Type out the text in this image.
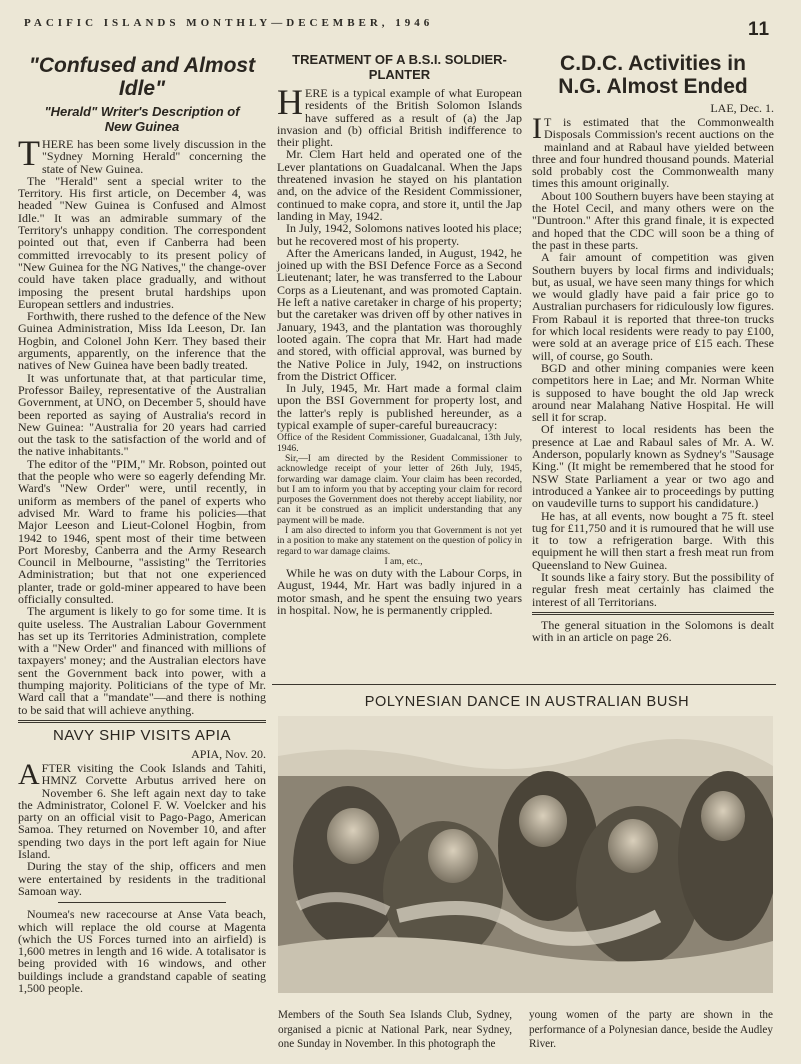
PACIFIC ISLANDS MONTHLY—DECEMBER, 1946	11
"Confused and Almost Idle"
"Herald" Writer's Description of New Guinea

THERE has been some lively discussion in the "Sydney Morning Herald" concerning the state of New Guinea.

The "Herald" sent a special writer to the Territory. His first article, on December 4, was headed "New Guinea is Confused and Almost Idle." It was an admirable summary of the Territory's unhappy condition. The correspondent pointed out that, even if Canberra had been committed irrevocably to its present policy of "New Guinea for the NG Natives," the change-over could have taken place gradually, and without imposing the present brutal hardships upon European settlers and industries.

Forthwith, there rushed to the defence of the New Guinea Administration, Miss Ida Leeson, Dr. Ian Hogbin, and Colonel John Kerr. They based their arguments, apparently, on the inference that the natives of New Guinea have been badly treated.

It was unfortunate that, at that particular time, Professor Bailey, representative of the Australian Government, at UNO, on December 5, should have been reported as saying of Australia's record in New Guinea: "Australia for 20 years had carried out the task to the satisfaction of the world and of the native inhabitants."

The editor of the "PIM," Mr. Robson, pointed out that the people who were so eagerly defending Mr. Ward's "New Order" were, until recently, in uniform as members of the panel of experts who advised Mr. Ward to frame his policies—that Major Leeson and Lieut-Colonel Hogbin, from 1942 to 1946, spent most of their time between Port Moresby, Canberra and the Army Research Council in Melbourne, "assisting" the Territories Administration; but that not one experienced planter, trade or gold-miner appeared to have been officially consulted.

The argument is likely to go for some time. It is quite useless. The Australian Labour Government has set up its Territories Administration, complete with a "New Order" and financed with millions of taxpayers' money; and the Australian electors have sent the Government back into power, with a thumping majority. Politicians of the type of Mr. Ward call that a "mandate"—and there is nothing to be said that will achieve anything.

NAVY SHIP VISITS APIA

APIA, Nov. 20.

AFTER visiting the Cook Islands and Tahiti, HMNZ Corvette Arbutus arrived here on November 6. She left again next day to take the Administrator, Colonel F. W. Voelcker and his party on an official visit to Pago-Pago, American Samoa. They returned on November 10, and after spending two days in the port left again for Niue Island.

During the stay of the ship, officers and men were entertained by residents in the traditional Samoan way.

Noumea's new racecourse at Anse Vata beach, which will replace the old course at Magenta (which the US Forces turned into an airfield) is 1,600 metres in length and 16 wide. A totalisator is being provided with 16 windows, and other buildings include a grandstand capable of seating 1,500 people.

TREATMENT OF A B.S.I. SOLDIER-PLANTER

HERE is a typical example of what European residents of the British Solomon Islands have suffered as a result of (a) the Jap invasion and (b) official British indifference to their plight.

Mr. Clem Hart held and operated one of the Lever plantations on Guadalcanal. When the Japs threatened invasion he stayed on his plantation and, on the advice of the Resident Commissioner, continued to make copra, and store it, until the Jap landing in May, 1942.

In July, 1942, Solomons natives looted his place; but he recovered most of his property.

After the Americans landed, in August, 1942, he joined up with the BSI Defence Force as a Second Lieutenant; later, he was transferred to the Labour Corps as a Lieutenant, and was promoted Captain. He left a native caretaker in charge of his property; but the caretaker was driven off by other natives in January, 1943, and the plantation was thoroughly looted again. The copra that Mr. Hart had made and stored, with official approval, was burned by the Native Police in July, 1942, on instructions from the District Officer.

In July, 1945, Mr. Hart made a formal claim upon the BSI Government for property lost, and the latter's reply is published hereunder, as a typical example of super-careful bureaucracy:

Office of the Resident Commissioner, Guadalcanal, 13th July, 1946.

Sir,—I am directed by the Resident Commissioner to acknowledge receipt of your letter of 26th July, 1945, forwarding war damage claim. Your claim has been recorded, but I am to inform you that by accepting your claim for record purposes the Government does not thereby accept liability, nor can it be construed as an implicit understanding that any payment will be made.

I am also directed to inform you that Government is not yet in a position to make any statement on the question of policy in regard to war damage claims.

I am, etc.,

While he was on duty with the Labour Corps, in August, 1944, Mr. Hart was badly injured in a motor smash, and he spent the ensuing two years in hospital. Now, he is permanently crippled.

C.D.C. Activities in N.G. Almost Ended

LAE, Dec. 1.

I T is estimated that the Commonwealth Disposals Commission's recent auctions on the mainland and at Rabaul have yielded between three and four hundred thousand pounds. Material sold probably cost the Commonwealth many times this amount originally.

About 100 Southern buyers have been staying at the Hotel Cecil, and many others were on the "Duntroon." After this grand finale, it is expected and hoped that the CDC will soon be a thing of the past in these parts.

A fair amount of competition was given Southern buyers by local firms and individuals; but, as usual, we have seen many things for which we would gladly have paid a fair price go to Australian purchasers for ridiculously low figures. From Rabaul it is reported that three-ton trucks for which local residents were ready to pay £100, were sold at an average price of £15 each. These will, of course, go South.

BGD and other mining companies were keen competitors here in Lae; and Mr. Norman White is supposed to have bought the old Jap wreck around near Malahang Native Hospital. He will sell it for scrap.

Of interest to local residents has been the presence at Lae and Rabaul sales of Mr. A. W. Anderson, popularly known as Sydney's "Sausage King." (It might be remembered that he stood for NSW State Parliament a year or two ago and introduced a Yankee air to proceedings by putting on vaudeville turns to support his candidature.)

He has, at all events, now bought a 75 ft. steel tug for £11,750 and it is rumoured that he will use it to tow a refrigeration barge. With this equipment he will then start a fresh meat run from Queensland to New Guinea.

It sounds like a fairy story. But the possibility of regular fresh meat certainly has claimed the interest of all Territorians.

The general situation in the Solomons is dealt with in an article on page 26.

POLYNESIAN DANCE IN AUSTRALIAN BUSH

Members of the South Sea Islands Club, Sydney, organised a picnic at National Park, near Sydney, one Sunday in November. In this photograph the

young women of the party are shown in the performance of a Polynesian dance, beside the Audley River.
